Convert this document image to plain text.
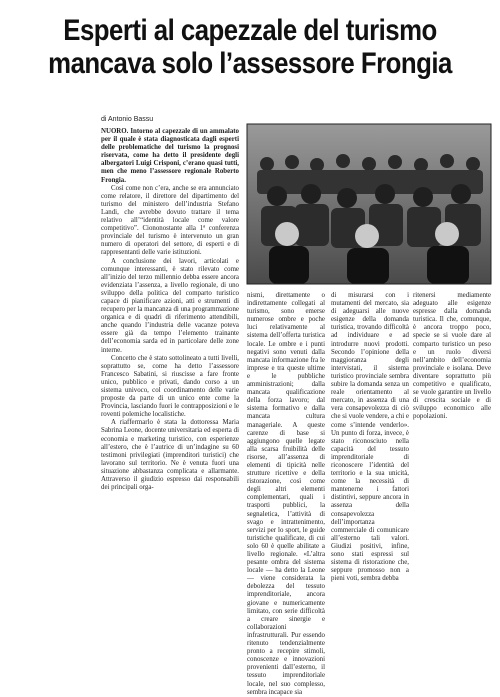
Esperti al capezzale del turismo
mancava solo l’assessore Frongia
di Antonio Bassu

NUORO. Intorno al capezzale di un ammalato per il quale è stata diagnosticata dagli esperti delle problematiche del turismo la prognosi riservata, come ha detto il presidente degli albergatori Luigi Crisponi, c’erano quasi tutti, men che meno l’assessore regionale Roberto Frongia.

Così come non c’era, anche se era annunciato come relatore, il direttore del dipartimento del turismo del ministero dell’industria Stefano Landi, che avrebbe dovuto trattare il tema relativo all’“identità locale come valore competitivo”. Ciononostante alla 1ª conferenza provinciale del turismo è intervenuto un gran numero di operatori del settore, di esperti e di rappresentanti delle varie istituzioni.

A conclusione dei lavori, articolati e comunque interessanti, è stato rilevato come all’inizio del terzo millennio debba essere ancora evidenziata l’assenza, a livello regionale, di uno sviluppo della politica del comparto turistico capace di pianificare azioni, atti e strumenti di recupero per la mancanza di una programmazione organica e di quadri di riferimento attendibili, anche quando l’industria delle vacanze poteva essere già da tempo l’elemento trainante dell’economia sarda ed in particolare delle zone interne.

Concetto che è stato sottolineato a tutti livelli, soprattutto se, come ha detto l’assessore Francesco Sabatini, si riuscisse a fare fronte unico, pubblico e privati, dando corso a un sistema univoco, col coordinamento delle varie proposte da parte di un unico ente come la Provincia, lasciando fuori le contrapposizioni e le roventi polemiche localistiche.

A riaffermarlo è stata la dottoressa Maria Sabrina Leone, docente universitaria ed esperta di economia e marketing turistico, con esperienze all’estero, che è l’autrice di un’indagine su 60 testimoni privilegiati (imprenditori turistici) che lavorano sul territorio. Ne è venuta fuori una situazione abbastanza complicata e allarmante. Attraverso il giudizio espresso dai responsabili dei principali orga-

nismi, direttamente o indirettamente collegati al turismo, sono emerse numerose ombre e poche luci relativamente al sistema dell’offerta turistica locale. Le ombre e i punti negativi sono venuti dalla mancata informazione fra le imprese e tra queste ultime e le pubbliche amministrazioni; dalla mancata qualificazione della forza lavoro; dal sistema formativo e dalla mancata cultura manageriale. A queste carenze di base si aggiungono quelle legate alla scarsa fruibilità delle risorse, all’assenza di elementi di tipicità nelle strutture ricettive e della ristorazione, così come degli altri elementi complementari, quali i trasporti pubblici, la segnaletica, l’attività di svago e intrattenimento, servizi per lo sport, le guide turistiche qualificate, di cui solo 60 è quelle abilitate a livello regionale. «L’altra pesante ombra del sistema locale — ha detto la Leone — viene considerata la debolezza del tessuto imprenditoriale, ancora giovane e numericamente limitato, con serie difficoltà a creare sinergie e collaborazioni infrastrutturali. Pur essendo ritenuto tendenzialmente pronto a recepire stimoli, conoscenze e innovazioni provenienti dall’esterno, il tessuto imprenditoriale locale, nel suo complesso, sembra incapace sia

di misurarsi con i mutamenti del mercato, sia di adeguarsi alle nuove esigenze della domanda turistica, trovando difficoltà ad individuare e ad introdurre nuovi prodotti. Secondo l’opinione della maggioranza degli intervistati, il sistema turistico provinciale sembra subire la domanda senza un reale orientamento al mercato, in assenza di una vera consapevolezza di ciò che si vuole vendere, a chi e come s’intende venderlo». Un punto di forza, invece, è stato riconosciuto nella capacità del tessuto imprenditoriale di riconoscere l’identità del territorio e la sua unicità, come la necessità di mantenerne i fattori distintivi, seppure ancora in assenza della consapevolezza dell’importanza commerciale di comunicare all’esterno tali valori. Giudizi positivi, infine, sono stati espressi sul sistema di ristorazione che, seppure promosso non a pieni voti, sembra debba

ritenersi mediamente adeguato alle esigenze espresse dalla domanda turistica. Il che, comunque, è ancora troppo poco, specie se si vuole dare al comparto turistico un peso e un ruolo diversi nell’ambito dell’economia provinciale e isolana. Deve diventare soprattutto più competitivo e qualificato, se vuole garantire un livello di crescita sociale e di sviluppo economico alle popolazioni.
